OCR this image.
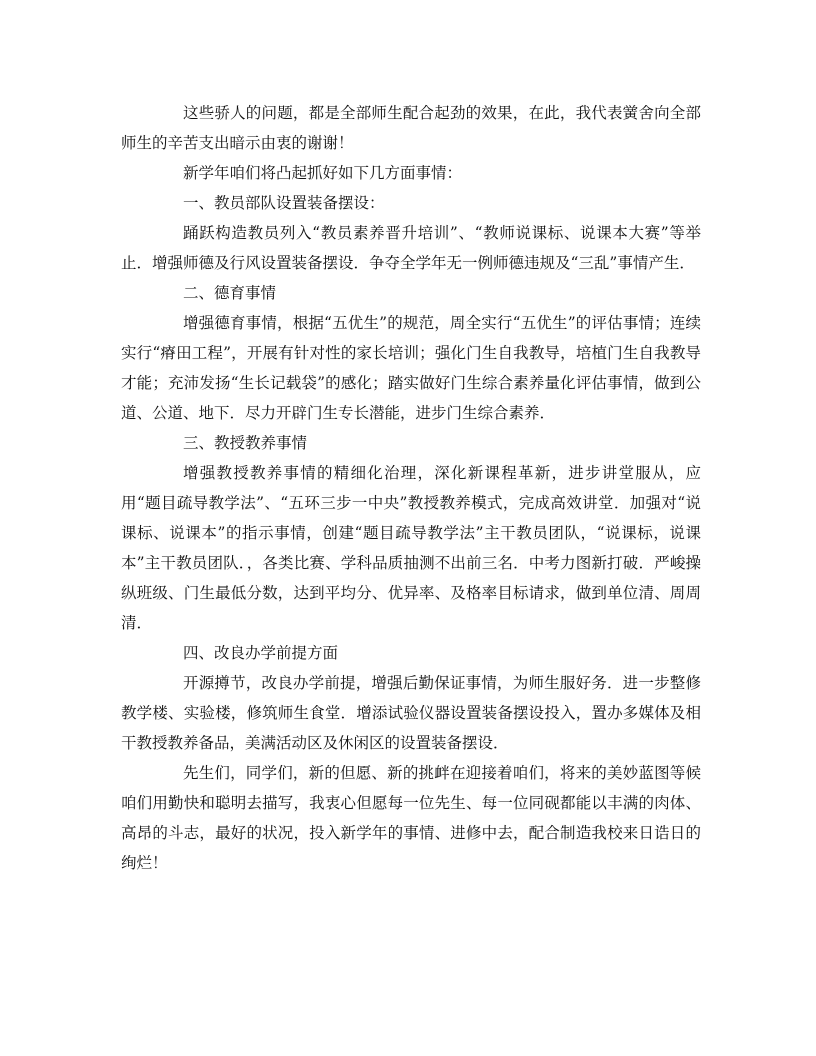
这些骄人的问题，都是全部师生配合起劲的效果，在此，我代表黉舍向全部师生的辛苦支出暗示由衷的谢谢！

新学年咱们将凸起抓好如下几方面事情：

一、教员部队设置装备摆设：

踊跃构造教员列入“教员素养晋升培训”、“教师说课标、说课本大赛”等举止．增强师德及行风设置装备摆设．争夺全学年无一例师德违规及“三乱”事情产生．

二、德育事情

增强德育事情，根据“五优生”的规范，周全实行“五优生”的评估事情；连续实行“瘠田工程”，开展有针对性的家长培训；强化门生自我教导，培植门生自我教导才能；充沛发扬“生长记载袋”的感化；踏实做好门生综合素养量化评估事情，做到公道、公道、地下．尽力开辟门生专长潜能，进步门生综合素养．

三、教授教养事情

增强教授教养事情的精细化治理，深化新课程革新，进步讲堂服从，应用“题目疏导教学法”、“五环三步一中央”教授教养模式，完成高效讲堂．加强对“说课标、说课本”的指示事情，创建“题目疏导教学法”主干教员团队，“说课标，说课本”主干教员团队．，各类比赛、学科品质抽测不出前三名．中考力图新打破．严峻操纵班级、门生最低分数，达到平均分、优异率、及格率目标请求，做到单位清、周周清．

四、改良办学前提方面

开源撙节，改良办学前提，增强后勤保证事情，为师生服好务．进一步整修教学楼、实验楼，修筑师生食堂．增添试验仪器设置装备摆设投入，置办多媒体及相干教授教养备品，美满活动区及休闲区的设置装备摆设．

先生们，同学们，新的但愿、新的挑衅在迎接着咱们，将来的美妙蓝图等候咱们用勤快和聪明去描写，我衷心但愿每一位先生、每一位同砚都能以丰满的肉体、高昂的斗志，最好的状况，投入新学年的事情、进修中去，配合制造我校来日诰日的绚烂！
